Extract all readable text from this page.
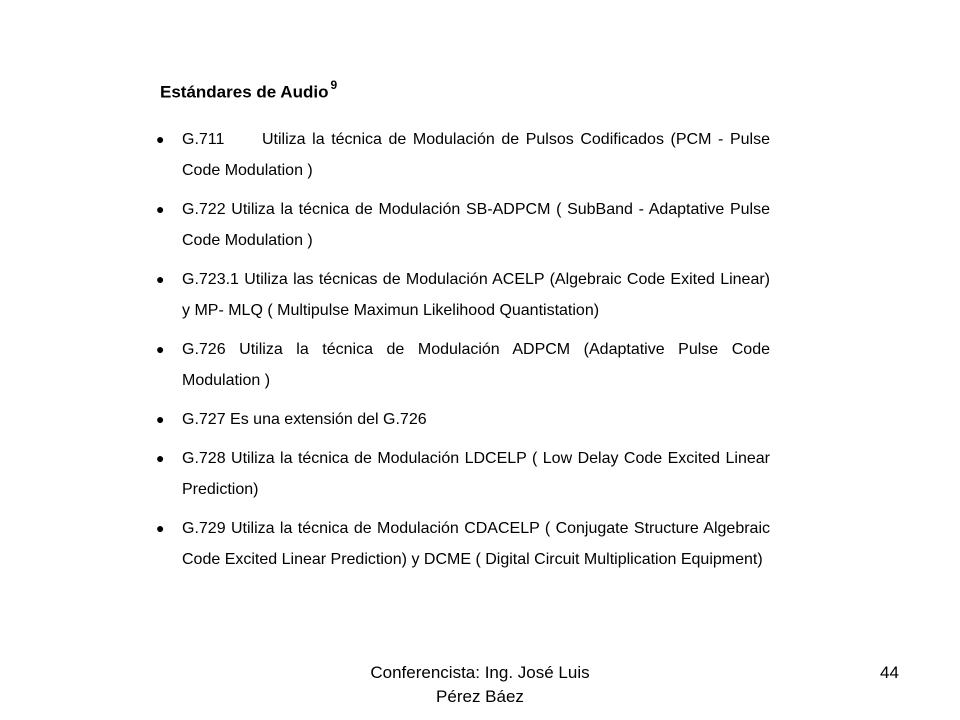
Estándares de Audio $^9$
● G.711 Utiliza la técnica de Modulación de Pulsos Codificados (PCM - Pulse Code Modulation )
● G.722 Utiliza la técnica de Modulación SB-ADPCM ( SubBand - Adaptative Pulse Code Modulation )
● G.723.1 Utiliza las técnicas de Modulación ACELP (Algebraic Code Exited Linear) y MP- MLQ ( Multipulse Maximun Likelihood Quantistation)
● G.726 Utiliza la técnica de Modulación ADPCM (Adaptative Pulse Code Modulation )
● G.727 Es una extensión del G.726
● G.728 Utiliza la técnica de Modulación LDCELP ( Low Delay Code Excited Linear Prediction)
● G.729 Utiliza la técnica de Modulación CDACELP ( Conjugate Structure Algebraic Code Excited Linear Prediction) y DCME ( Digital Circuit Multiplication Equipment)
Conferencista: Ing. José Luis
Pérez Báez
44
